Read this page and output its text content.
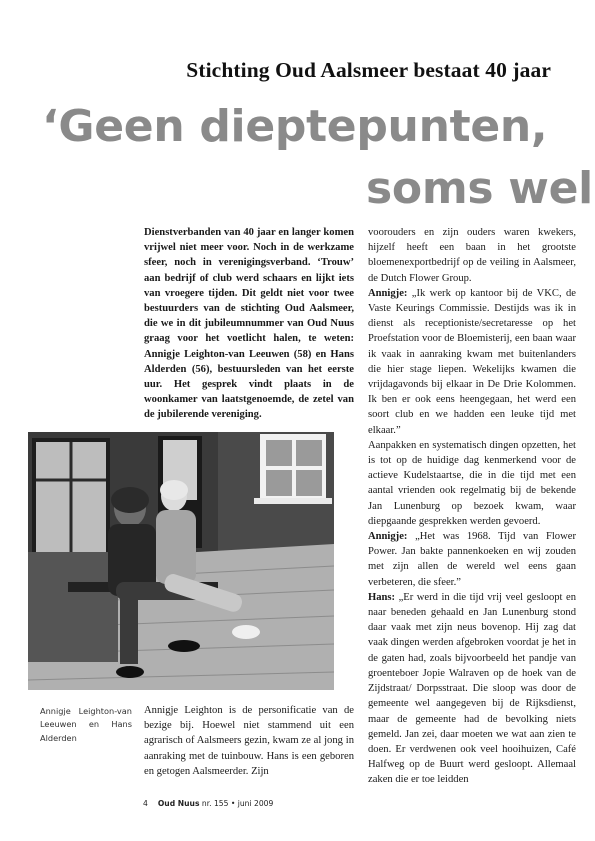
Stichting Oud Aalsmeer bestaat 40 jaar
‘Geen dieptepunten,
soms wel

Dienstverbanden van 40 jaar en langer komen vrijwel niet meer voor. Noch in de werkzame sfeer, noch in verenigingsverband. ‘Trouw’ aan bedrijf of club werd schaars en lijkt iets van vroegere tijden. Dit geldt niet voor twee bestuurders van de stichting Oud Aalsmeer, die we in dit jubileumnummer van Oud Nuus graag voor het voetlicht halen, te weten: Annigje Leighton-van Leeuwen (58) en Hans Alderden (56), bestuursleden van het eerste uur. Het gesprek vindt plaats in de woonkamer van laatstgenoemde, de zetel van de jubilerende vereniging.

voorouders en zijn ouders waren kwekers, hijzelf heeft een baan in het grootste bloemenexportbedrijf op de veiling in Aalsmeer, de Dutch Flower Group.

Annigje: „Ik werk op kantoor bij de VKC, de Vaste Keurings Commissie. Destijds was ik in dienst als receptioniste/secretaresse op het Proefstation voor de Bloemisterij, een baan waar ik vaak in aanraking kwam met buitenlanders die hier stage liepen. Wekelijks kwamen die vrijdagavonds bij elkaar in De Drie Kolommen. Ik ben er ook eens heengegaan, het werd een soort club en we hadden een leuke tijd met elkaar.”

Aanpakken en systematisch dingen opzetten, het is tot op de huidige dag kenmerkend voor de actieve Kudelstaartse, die in die tijd met een aantal vrienden ook regelmatig bij de bekende Jan Lunenburg op bezoek kwam, waar diepgaande gesprekken werden gevoerd.

Annigje: „Het was 1968. Tijd van Flower Power. Jan bakte pannenkoeken en wij zouden met zijn allen de wereld wel eens gaan verbeteren, die sfeer.”

Hans: „Er werd in die tijd vrij veel gesloopt en naar beneden gehaald en Jan Lunenburg stond daar vaak met zijn neus bovenop. Hij zag dat vaak dingen werden afgebroken voordat je het in de gaten had, zoals bijvoorbeeld het pandje van groenteboer Jopie Walraven op de hoek van de Zijdstraat/ Dorpsstraat. Die sloop was door de gemeente wel aangegeven bij de Rijksdienst, maar de gemeente had de bevolking niets gemeld. Jan zei, daar moeten we wat aan zien te doen. Er verdwenen ook veel hooihuizen, Café Halfweg op de Buurt werd gesloopt. Allemaal zaken die er toe leidden

Annigje Leighton-van Leeuwen en Hans Alderden

Annigje Leighton is de personificatie van de bezige bij. Hoewel niet stammend uit een agrarisch of Aalsmeers gezin, kwam ze al jong in aanraking met de tuinbouw. Hans is een geboren en getogen Aalsmeerder. Zijn

4 Oud Nuus nr. 155 • juni 2009
